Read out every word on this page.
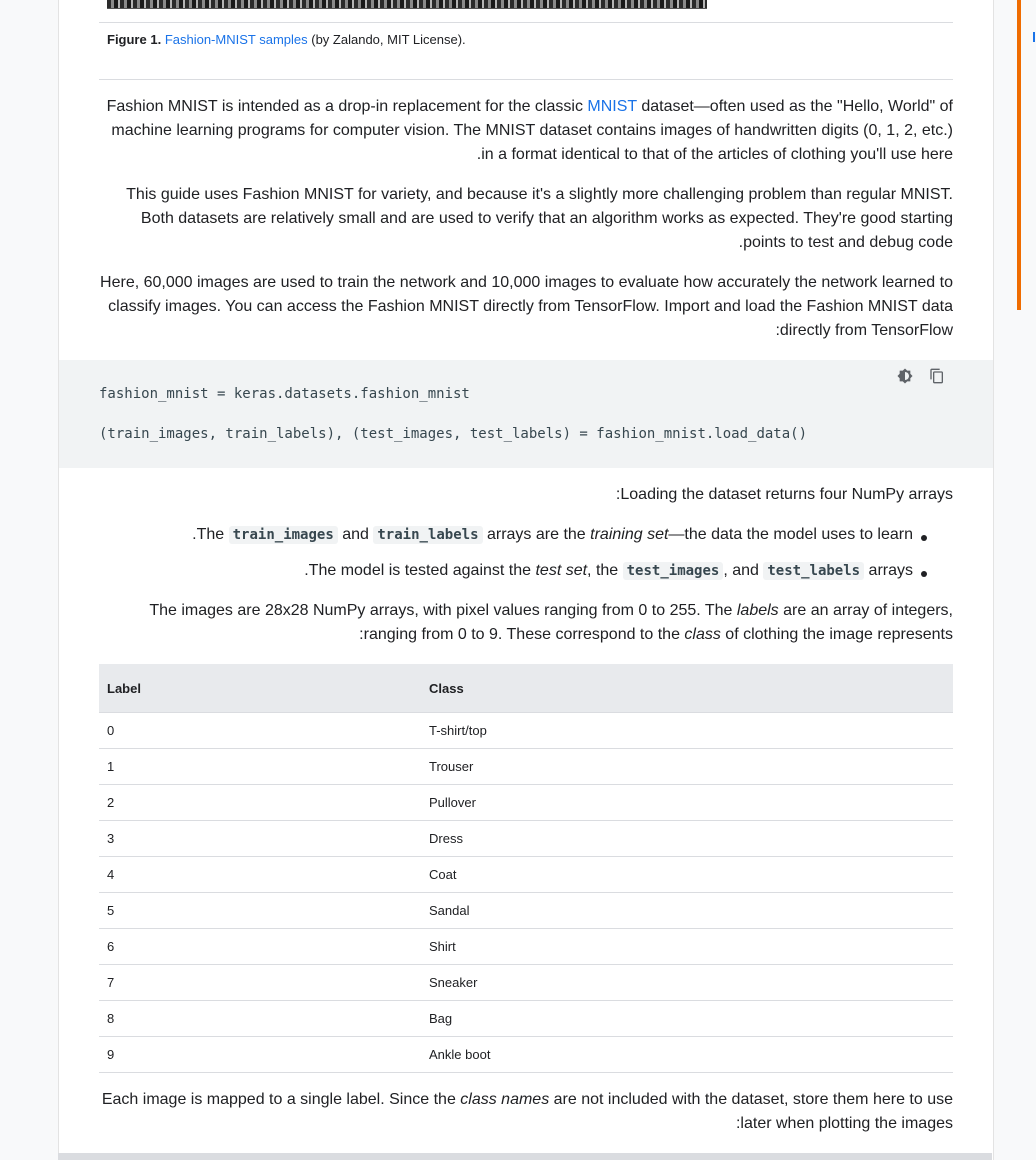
Figure 1. Fashion-MNIST samples (by Zalando, MIT License).
Fashion MNIST is intended as a drop-in replacement for the classic MNIST dataset—often used as the "Hello, World" of machine learning programs for computer vision. The MNIST dataset contains images of handwritten digits (0, 1, 2, etc.) in a format identical to that of the articles of clothing you'll use here.
This guide uses Fashion MNIST for variety, and because it's a slightly more challenging problem than regular MNIST. Both datasets are relatively small and are used to verify that an algorithm works as expected. They're good starting points to test and debug code.
Here, 60,000 images are used to train the network and 10,000 images to evaluate how accurately the network learned to classify images. You can access the Fashion MNIST directly from TensorFlow. Import and load the Fashion MNIST data directly from TensorFlow:
fashion_mnist = keras.datasets.fashion_mnist
(train_images, train_labels), (test_images, test_labels) = fashion_mnist.load_data()
Loading the dataset returns four NumPy arrays:
The train_images and train_labels arrays are the training set—the data the model uses to learn.
The model is tested against the test set, the test_images , and test_labels arrays.
The images are 28x28 NumPy arrays, with pixel values ranging from 0 to 255. The labels are an array of integers, ranging from 0 to 9. These correspond to the class of clothing the image represents:
Label	Class
0	T-shirt/top
1	Trouser
2	Pullover
3	Dress
4	Coat
5	Sandal
6	Shirt
7	Sneaker
8	Bag
9	Ankle boot
Each image is mapped to a single label. Since the class names are not included with the dataset, store them here to use later when plotting the images:
